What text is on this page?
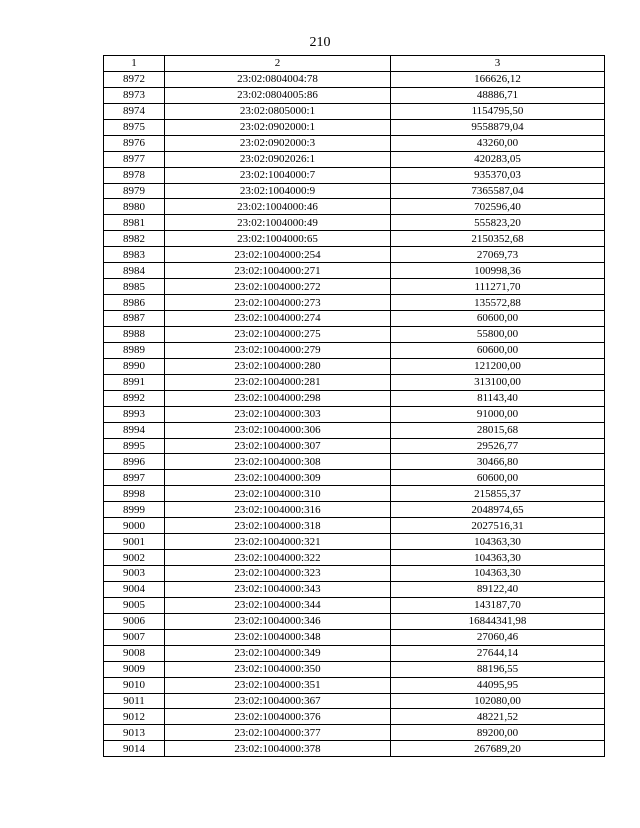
210
1	2	3
8972	23:02:0804004:78	166626,12
8973	23:02:0804005:86	48886,71
8974	23:02:0805000:1	1154795,50
8975	23:02:0902000:1	9558879,04
8976	23:02:0902000:3	43260,00
8977	23:02:0902026:1	420283,05
8978	23:02:1004000:7	935370,03
8979	23:02:1004000:9	7365587,04
8980	23:02:1004000:46	702596,40
8981	23:02:1004000:49	555823,20
8982	23:02:1004000:65	2150352,68
8983	23:02:1004000:254	27069,73
8984	23:02:1004000:271	100998,36
8985	23:02:1004000:272	111271,70
8986	23:02:1004000:273	135572,88
8987	23:02:1004000:274	60600,00
8988	23:02:1004000:275	55800,00
8989	23:02:1004000:279	60600,00
8990	23:02:1004000:280	121200,00
8991	23:02:1004000:281	313100,00
8992	23:02:1004000:298	81143,40
8993	23:02:1004000:303	91000,00
8994	23:02:1004000:306	28015,68
8995	23:02:1004000:307	29526,77
8996	23:02:1004000:308	30466,80
8997	23:02:1004000:309	60600,00
8998	23:02:1004000:310	215855,37
8999	23:02:1004000:316	2048974,65
9000	23:02:1004000:318	2027516,31
9001	23:02:1004000:321	104363,30
9002	23:02:1004000:322	104363,30
9003	23:02:1004000:323	104363,30
9004	23:02:1004000:343	89122,40
9005	23:02:1004000:344	143187,70
9006	23:02:1004000:346	16844341,98
9007	23:02:1004000:348	27060,46
9008	23:02:1004000:349	27644,14
9009	23:02:1004000:350	88196,55
9010	23:02:1004000:351	44095,95
9011	23:02:1004000:367	102080,00
9012	23:02:1004000:376	48221,52
9013	23:02:1004000:377	89200,00
9014	23:02:1004000:378	267689,20
